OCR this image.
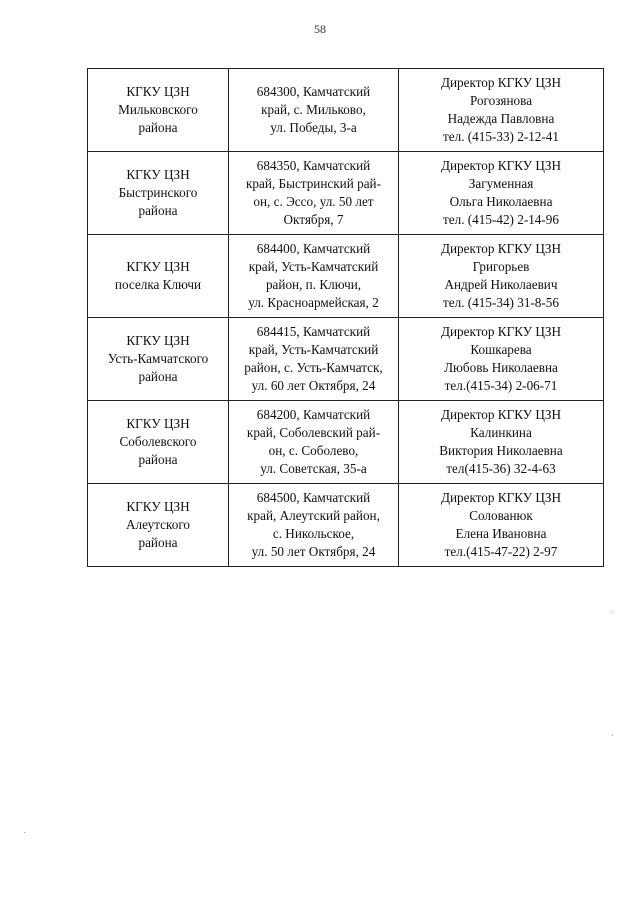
58
КГКУ ЦЗН
Мильковского
района	684300, Камчатский
край, с. Мильково,
ул. Победы, 3-а	Директор КГКУ ЦЗН
Рогозянова
Надежда Павловна
тел. (415-33) 2-12-41

КГКУ ЦЗН
Быстринского
района	684350, Камчатский
край, Быстринский рай-
он, с. Эссо, ул. 50 лет
Октября, 7	Директор КГКУ ЦЗН
Загуменная
Ольга Николаевна
тел. (415-42) 2-14-96

КГКУ ЦЗН
поселка Ключи	684400, Камчатский
край, Усть-Камчатский
район, п. Ключи,
ул. Красноармейская, 2	Директор КГКУ ЦЗН
Григорьев
Андрей Николаевич
тел. (415-34) 31-8-56

КГКУ ЦЗН
Усть-Камчатского
района	684415, Камчатский
край, Усть-Камчатский
район, с. Усть-Камчатск,
ул. 60 лет Октября, 24	Директор КГКУ ЦЗН
Кошкарева
Любовь Николаевна
тел.(415-34) 2-06-71

КГКУ ЦЗН
Соболевского
района	684200, Камчатский
край, Соболевский рай-
он, с. Соболево,
ул. Советская, 35-а	Директор КГКУ ЦЗН
Калинкина
Виктория Николаевна
тел(415-36) 32-4-63

КГКУ ЦЗН
Алеутского
района	684500, Камчатский
край, Алеутский район,
с. Никольское,
ул. 50 лет Октября, 24	Директор КГКУ ЦЗН
Солованюк
Елена Ивановна
тел.(415-47-22) 2-97
